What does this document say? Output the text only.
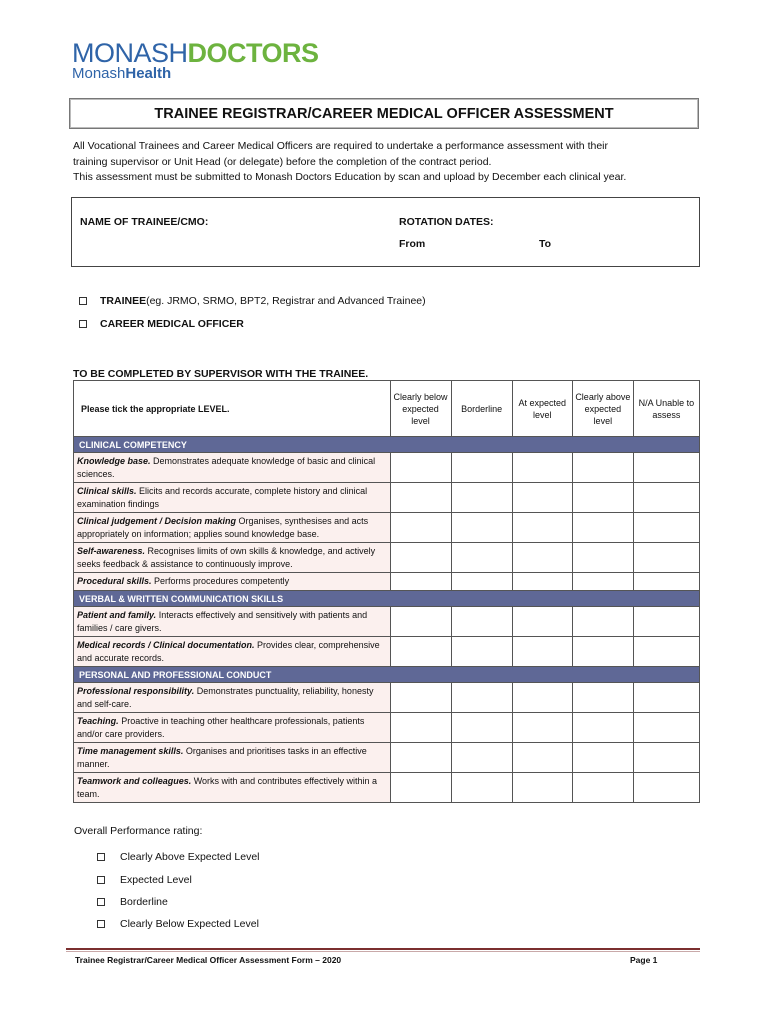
MONASHDOCTORS
MonashHealth
TRAINEE REGISTRAR/CAREER MEDICAL OFFICER ASSESSMENT
All Vocational Trainees and Career Medical Officers are required to undertake a performance assessment with their
training supervisor or Unit Head (or delegate) before the completion of the contract period.
This assessment must be submitted to Monash Doctors Education by scan and upload by December each clinical year.
NAME OF TRAINEE/CMO:	ROTATION DATES:
From	To
TRAINEE (eg. JRMO, SRMO, BPT2, Registrar and Advanced Trainee)
CAREER MEDICAL OFFICER
TO BE COMPLETED BY SUPERVISOR WITH THE TRAINEE.
Please tick the appropriate LEVEL.	Clearly below expected level	Borderline	At expected level	Clearly above expected level	N/A Unable to assess
CLINICAL COMPETENCY					
Knowledge base. Demonstrates adequate knowledge of basic and clinical sciences.					
Clinical skills. Elicits and records accurate, complete history and clinical examination findings					
Clinical judgement / Decision making Organises, synthesises and acts appropriately on information; applies sound knowledge base.					
Self-awareness. Recognises limits of own skills & knowledge, and actively seeks feedback & assistance to continuously improve.					
Procedural skills. Performs procedures competently					
VERBAL & WRITTEN COMMUNICATION SKILLS					
Patient and family. Interacts effectively and sensitively with patients and families / care givers.					
Medical records / Clinical documentation. Provides clear, comprehensive and accurate records.					
PERSONAL AND PROFESSIONAL CONDUCT					
Professional responsibility. Demonstrates punctuality, reliability, honesty and self-care.					
Teaching. Proactive in teaching other healthcare professionals, patients and/or care providers.					
Time management skills. Organises and prioritises tasks in an effective manner.					
Teamwork and colleagues. Works with and contributes effectively within a team.					
Overall Performance rating:
Clearly Above Expected Level
Expected Level
Borderline
Clearly Below Expected Level
Trainee Registrar/Career Medical Officer Assessment Form – 2020	Page 1
